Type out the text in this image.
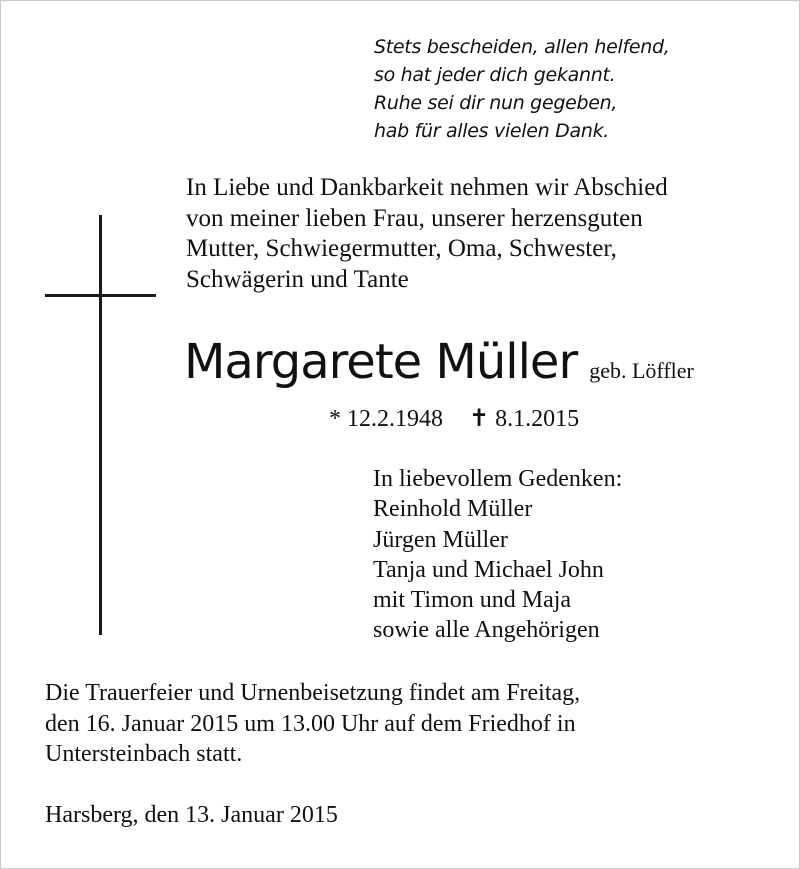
Stets bescheiden, allen helfend,
so hat jeder dich gekannt.
Ruhe sei dir nun gegeben,
hab für alles vielen Dank.
In Liebe und Dankbarkeit nehmen wir Abschied
von meiner lieben Frau, unserer herzensguten
Mutter, Schwiegermutter, Oma, Schwester,
Schwägerin und Tante
Margarete Müller geb. Löffler
* 12.2.1948 ✝ 8.1.2015
In liebevollem Gedenken:
Reinhold Müller
Jürgen Müller
Tanja und Michael John
mit Timon und Maja
sowie alle Angehörigen
Die Trauerfeier und Urnenbeisetzung findet am Freitag,
den 16. Januar 2015 um 13.00 Uhr auf dem Friedhof in
Untersteinbach statt.
Harsberg, den 13. Januar 2015
